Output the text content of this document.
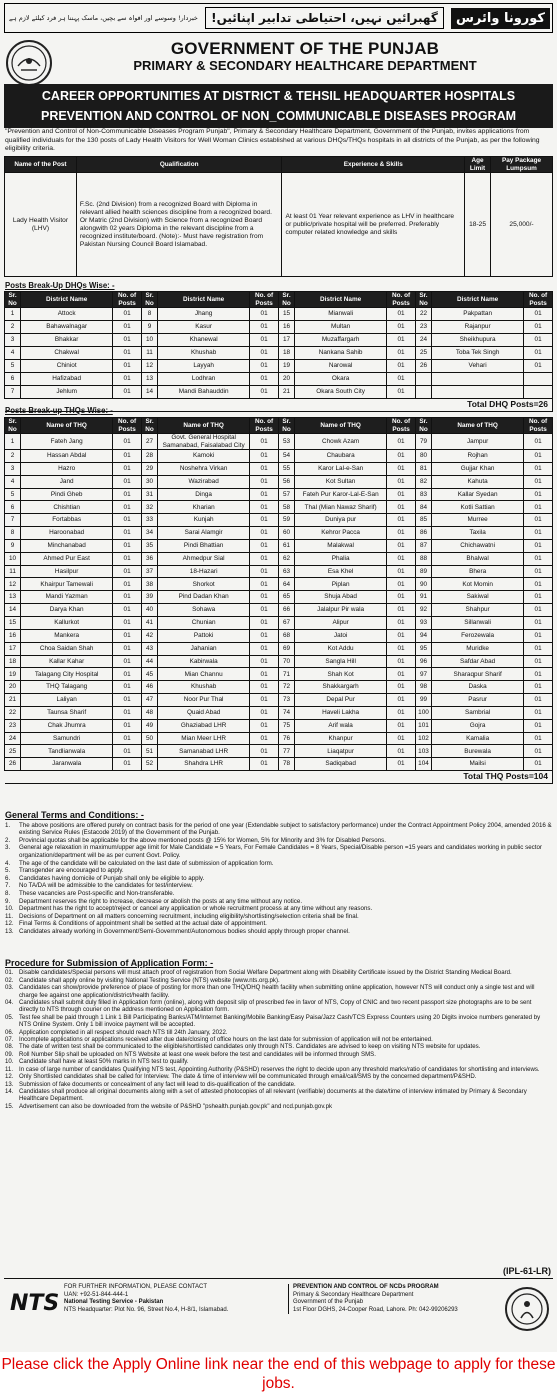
کورونا وائرس
گھبرائیں نہیں، احتیاطی تدابیر اپنائیں!
خبردار! وسوسے اور افواہ سے بچیں، ماسک پہننا ہر فرد کیلئے لازم ہے
GOVERNMENT OF THE PUNJAB
PRIMARY & SECONDARY HEALTHCARE DEPARTMENT
CAREER OPPORTUNITIES AT DISTRICT & TEHSIL HEADQUARTER HOSPITALS
PREVENTION AND CONTROL OF NON_COMMUNICABLE DISEASES PROGRAM
"Prevention and Control of Non-Communicable Diseases Program Punjab", Primary & Secondary Healthcare Department, Government of the Punjab, invites applications from qualified individuals for the 130 posts of Lady Health Visitors for Well Woman Clinics established at various DHQs/THQs hospitals in all districts of the Punjab, as per the following eligibility criteria.
Name of the Post	Qualification	Experience & Skills	Age Limit	Pay Package Lumpsum
Lady Health Visitor (LHV)	F.Sc. (2nd Division) from a recognized Board with Diploma in relevant allied health sciences discipline from a recognized board. Or Matric (2nd Division) with Science from a recognized Board alongwith 02 years Diploma in the relevant discipline from a recognized institute/board. (Note):- Must have registration from Pakistan Nursing Council Board Islamabad.	At least 01 Year relevant experience as LHV in healthcare or public/private hospital will be preferred. Preferably computer related knowledge and skills	18-25	25,000/-
Posts Break-Up DHQs Wise: -
Sr. No	District Name	No. of Posts	Sr. No	District Name	No. of Posts	Sr. No	District Name	No. of Posts	Sr. No	District Name	No. of Posts
1	Attock	01	8	Jhang	01	15	Mianwali	01	22	Pakpattan	01
2	Bahawalnagar	01	9	Kasur	01	16	Multan	01	23	Rajanpur	01
3	Bhakkar	01	10	Khanewal	01	17	Muzaffargarh	01	24	Sheikhupura	01
4	Chakwal	01	11	Khushab	01	18	Nankana Sahib	01	25	Toba Tek Singh	01
5	Chiniot	01	12	Layyah	01	19	Narowal	01	26	Vehari	01
6	Hafizabad	01	13	Lodhran	01	20	Okara	01			
7	Jehlum	01	14	Mandi Bahauddin	01	21	Okara South City	01			
Total DHQ Posts=26											
Posts Break-up THQs Wise: -
Sr. No	Name of THQ	No. of Posts	Sr. No	Name of THQ	No. of Posts	Sr. No	Name of THQ	No. of Posts	Sr. No	Name of THQ	No. of Posts
1	Fateh Jang	01	27	Govt. General Hospital Samanabad, Faisalabad City	01	53	Chowk Azam	01	79	Jampur	01
2	Hassan Abdal	01	28	Kamoki	01	54	Chaubara	01	80	Rojhan	01
3	Hazro	01	29	Noshehra Virkan	01	55	Karor Lal-e-San	01	81	Gujjar Khan	01
4	Jand	01	30	Wazirabad	01	56	Kot Sultan	01	82	Kahuta	01
5	Pindi Gheb	01	31	Dinga	01	57	Fateh Pur Karor-Lal-E-San	01	83	Kallar Syedan	01
6	Chishtian	01	32	Kharian	01	58	Thal (Mian Nawaz Sharif)	01	84	Kotli Sattian	01
7	Fortabbas	01	33	Kunjah	01	59	Duniya pur	01	85	Murree	01
8	Haroonabad	01	34	Sarai Alamgir	01	60	Kehror Pacca	01	86	Taxila	01
9	Minchanabad	01	35	Pindi Bhattian	01	61	Malakwal	01	87	Chichawatni	01
10	Ahmed Pur East	01	36	Ahmedpur Sial	01	62	Phalia	01	88	Bhalwal	01
11	Hasilpur	01	37	18-Hazari	01	63	Esa Khel	01	89	Bhera	01
12	Khairpur Tamewali	01	38	Shorkot	01	64	Piplan	01	90	Kot Momin	01
13	Mandi Yazman	01	39	Pind Dadan Khan	01	65	Shuja Abad	01	91	Sakiwal	01
14	Darya Khan	01	40	Sohawa	01	66	Jalalpur Pir wala	01	92	Shahpur	01
15	Kallurkot	01	41	Chunian	01	67	Alipur	01	93	Sillanwali	01
16	Mankera	01	42	Pattoki	01	68	Jatoi	01	94	Ferozewala	01
17	Choa Saidan Shah	01	43	Jahanian	01	69	Kot Addu	01	95	Muridke	01
18	Kallar Kahar	01	44	Kabirwala	01	70	Sangla Hill	01	96	Safdar Abad	01
19	Talagang City Hospital	01	45	Mian Channu	01	71	Shah Kot	01	97	Sharaqpur Sharif	01
20	THQ Talagang	01	46	Khushab	01	72	Shakkargarh	01	98	Daska	01
21	Laliyan	01	47	Noor Pur Thal	01	73	Depal Pur	01	99	Pasrur	01
22	Taunsa Sharif	01	48	Quaid Abad	01	74	Haveli Lakha	01	100	Sambrial	01
23	Chak Jhumra	01	49	Ghaziabad LHR	01	75	Arif wala	01	101	Gojra	01
24	Samundri	01	50	Mian Meer LHR	01	76	Khanpur	01	102	Kamalia	01
25	Tandlianwala	01	51	Samanabad LHR	01	77	Liaqatpur	01	103	Burewala	01
26	Jaranwala	01	52	Shahdra LHR	01	78	Sadiqabad	01	104	Mailsi	01
Total THQ Posts=104											
General Terms and Conditions: -
1.	The above positions are offered purely on contract basis for the period of one year (Extendable subject to satisfactory performance) under the Contract Appointment Policy 2004, amended 2016 & existing Service Rules (Estacode 2019) of the Government of the Punjab.
2.	Provincial quotas shall be applicable for the above mentioned posts @ 15% for Women, 5% for Minority and 3% for Disabled Persons.
3.	General age relaxation in maximum/upper age limit for Male Candidate = 5 Years, For Female Candidates = 8 Years, Special/Disable person =15 years and candidates working in public sector organization/department will be as per current Govt. Policy.
4.	The age of the candidate will be calculated on the last date of submission of application form.
5.	Transgender are encouraged to apply.
6.	Candidates having domicile of Punjab shall only be eligible to apply.
7.	No TA/DA will be admissible to the candidates for test/interview.
8.	These vacancies are Post-specific and Non-transferable.
9.	Department reserves the right to increase, decrease or abolish the posts at any time without any notice.
10. Department has the right to accept/reject or cancel any application or whole recruitment process at any time without any reasons.
11. Decisions of Department on all matters concerning recruitment, including eligibility/shortlisting/selection criteria shall be final.
12. Final Terms & Conditions of appointment shall be settled at the actual date of appointment.
13. Candidates already working in Government/Semi-Government/Autonomous bodies should apply through proper channel.
Procedure for Submission of Application Form: -
01. Disable candidates/Special persons will must attach proof of registration from Social Welfare Department along with Disability Certificate issued by the District Standing Medical Board.
02. Candidate shall apply online by visiting National Testing Service (NTS) website (www.nts.org.pk).
03. Candidates can show/provide preference of place of posting for more than one THQ/DHQ health facility when submitting online application, however NTS will conduct only a single test and will charge fee against one application/district/health facility.
04. Candidates shall submit duly filled in Application form (online), along with deposit slip of prescribed fee in favor of NTS, Copy of CNIC and two recent passport size photographs are to be sent directly to NTS through courier on the address mentioned on Application form.
05. Test fee shall be paid through 1 Link 1 Bill Participating Banks/ATM/Internet Banking/Mobile Banking/Easy Paisa/Jazz Cash/TCS Express Counters using 20 Digits invoice numbers generated by NTS Online System. Only 1 bill invoice payment will be accepted.
06. Application completed in all respect should reach NTS till 24th January, 2022.
07. Incomplete applications or applications received after due date/closing of office hours on the last date for submission of application will not be entertained.
08. The date of written test shall be communicated to the eligible/shortlisted candidates only through NTS. Candidates are advised to keep on visiting NTS website for updates.
09. Roll Number Slip shall be uploaded on NTS Website at least one week before the test and candidates will be informed through SMS.
10. Candidate shall have at least 50% marks in NTS test to qualify.
11. In case of large number of candidates Qualifying NTS test, Appointing Authority (P&SHD) reserves the right to decide upon any threshold marks/ratio of candidates for shortlisting and interviews.
12. Only Shortlisted candidates shall be called for Interview. The date & time of interview will be communicated through email/call/SMS by the concerned department/P&SHD.
13. Submission of fake documents or concealment of any fact will lead to dis-qualification of the candidate.
14. Candidates shall produce all original documents along with a set of attested photocopies of all relevant (verifiable) documents at the date/time of interview intimated by Primary & Secondary Healthcare Department.
15. Advertisement can also be downloaded from the website of P&SHD "pshealth.punjab.gov.pk" and ncd.punjab.gov.pk
(IPL-61-LR)
NTS
FOR FURTHER INFORMATION, PLEASE CONTACT
UAN: +92-51-844-444-1
National Testing Service - Pakistan
NTS Headquarter: Plot No. 96, Street No.4, H-8/1, Islamabad.
PREVENTION AND CONTROL OF NCDs PROGRAM
Primary & Secondary Healthcare Department
Government of the Punjab
1st Floor DGHS, 24-Cooper Road, Lahore. Ph: 042-99206293
Please click the Apply Online link near the end of this webpage to apply for these jobs.
